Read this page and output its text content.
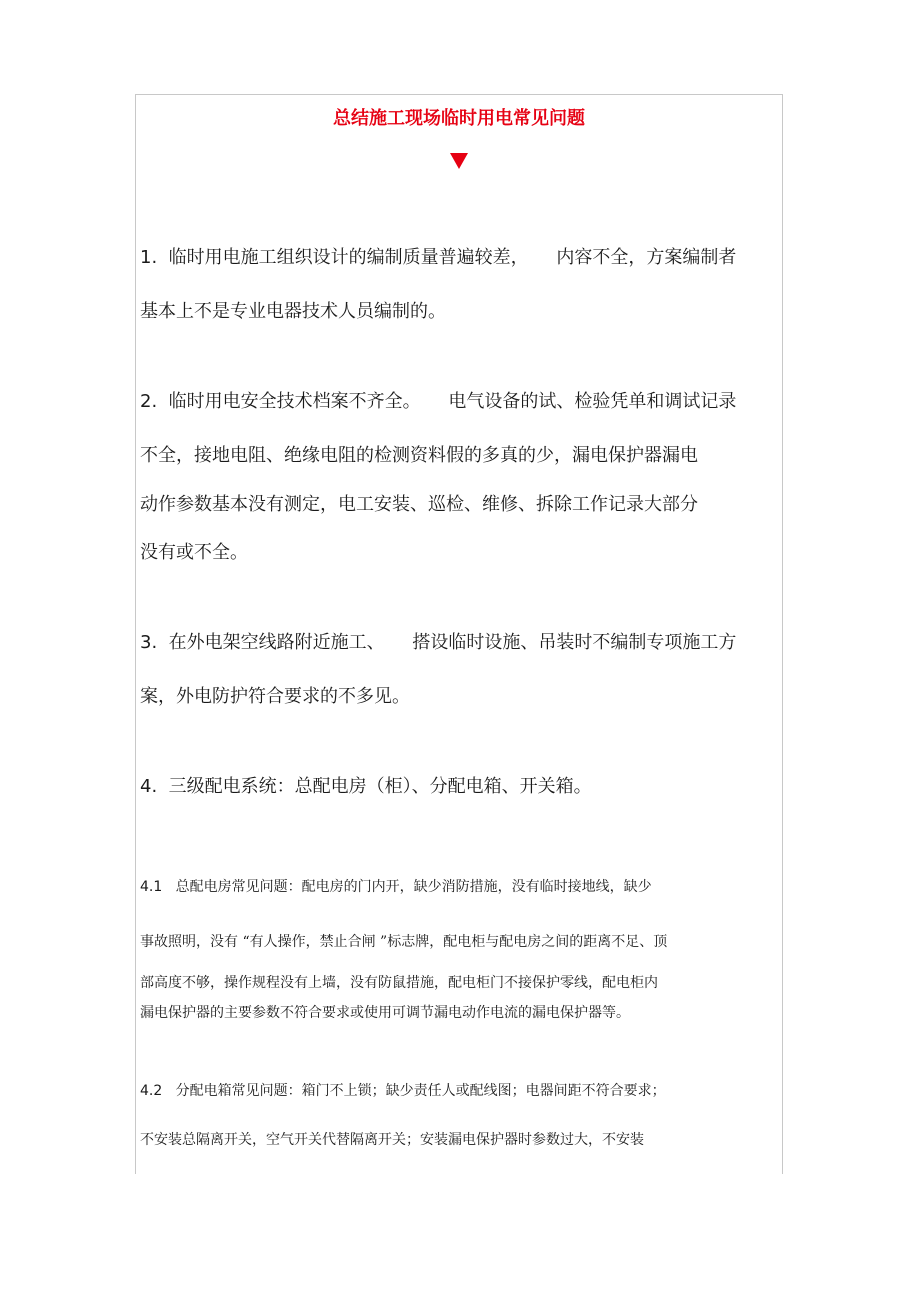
总结施工现场临时用电常见问题
1. 临时用电施工组织设计的编制质量普遍较差， 内容不全，方案编制者
基本上不是专业电器技术人员编制的。
2. 临时用电安全技术档案不齐全。 电气设备的试、检验凭单和调试记录
不全，接地电阻、绝缘电阻的检测资料假的多真的少，漏电保护器漏电
动作参数基本没有测定，电工安装、巡检、维修、拆除工作记录大部分
没有或不全。
3. 在外电架空线路附近施工、 搭设临时设施、吊装时不编制专项施工方
案，外电防护符合要求的不多见。
4. 三级配电系统：总配电房（柜）、分配电箱、开关箱。
4.1 总配电房常见问题：配电房的门内开，缺少消防措施，没有临时接地线，缺少
事故照明，没有 “有人操作，禁止合闸 ”标志牌，配电柜与配电房之间的距离不足、顶
部高度不够，操作规程没有上墙，没有防鼠措施，配电柜门不接保护零线，配电柜内
漏电保护器的主要参数不符合要求或使用可调节漏电动作电流的漏电保护器等。
4.2 分配电箱常见问题：箱门不上锁；缺少责任人或配线图；电器间距不符合要求；
不安装总隔离开关，空气开关代替隔离开关；安装漏电保护器时参数过大，不安装
